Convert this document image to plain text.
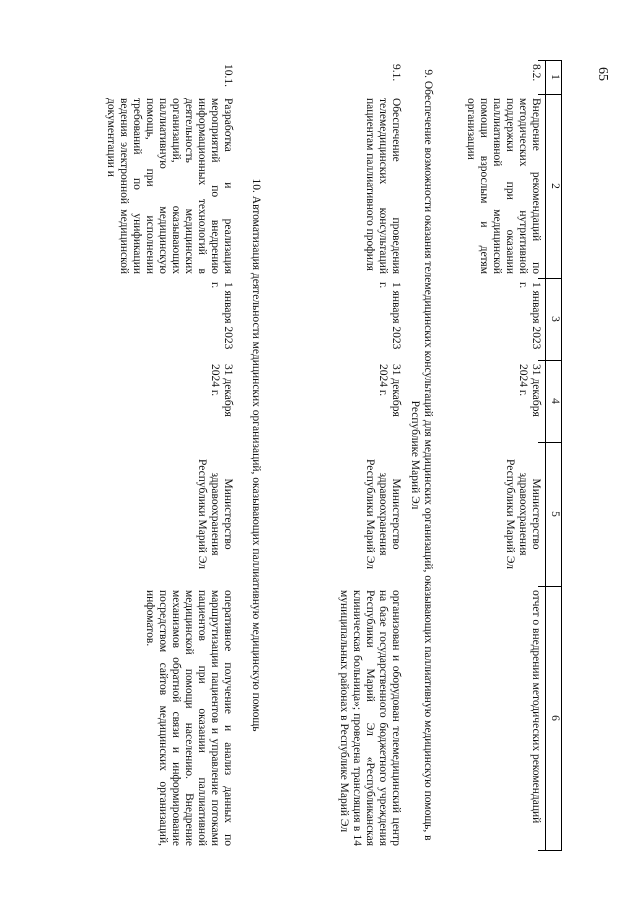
65
1
2
3
4
5
6
8.2.
Внедрение рекомендаций по методических нутритивной поддержки при оказании паллиативной медицинской помощи взрослым и детям организации
1 января 2023 г.
31 декабря 2024 г.
Министерство здравоохранения Республики Марий Эл
отчет о внедрении методических рекомендаций
9. Обеспечение возможности оказания телемедицинских консультаций для медицинских организаций, оказывающих паллиативную медицинскую помощь, в Республике Марий Эл
9.1.
Обеспечение проведения телемедицинских консультаций пациентам паллиативного профиля
1 января 2023 г.
31 декабря 2024 г.
Министерство здравоохранения Республики Марий Эл
организован и оборудован телемедицинский центр на базе государственного бюджетного учреждения Республики Марий Эл «Республиканская клиническая больница»; проведена трансляция в 14 муниципальных районах в Республике Марий Эл
10. Автоматизация деятельности медицинских организаций, оказывающих паллиативную медицинскую помощь
10.1.
Разработка и реализация мероприятий по внедрению информационных технологий в деятельность медицинских организаций, оказывающих паллиативную медицинскую помощь, при исполнении требований по унификации ведения электронной медицинской документации и
1 января 2023 г.
31 декабря 2024 г.
Министерство здравоохранения Республики Марий Эл
оперативное получение и анализ данных по маршрутизации пациентов и управление потоками пациентов при оказании паллиативной медицинской помощи населению. Внедрение механизмов обратной связи и информирование посредством сайтов медицинских организаций, инфоматов.
